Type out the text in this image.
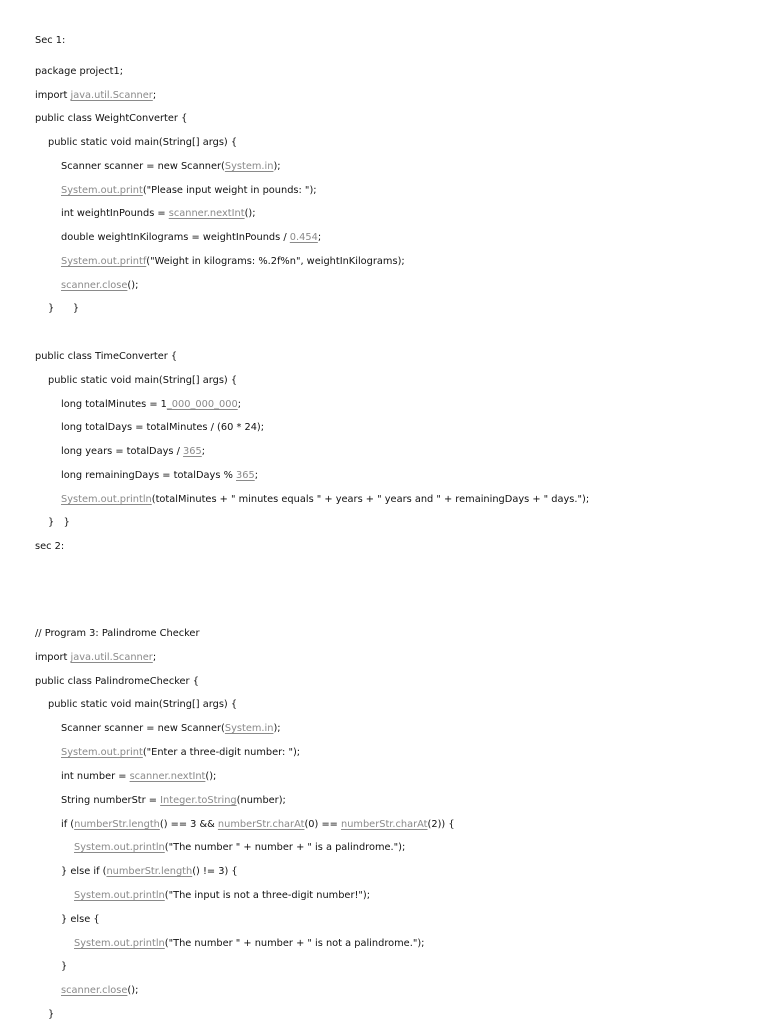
Sec 1:
package project1;
import java.util.Scanner;
public class WeightConverter {
public static void main(String[] args) {
Scanner scanner = new Scanner(System.in);
System.out.print("Please input weight in pounds: ");
int weightInPounds = scanner.nextInt();
double weightInKilograms = weightInPounds / 0.454;
System.out.printf("Weight in kilograms: %.2f%n", weightInKilograms);
scanner.close();
}      }
public class TimeConverter {
public static void main(String[] args) {
long totalMinutes = 1_000_000_000;
long totalDays = totalMinutes / (60 * 24);
long years = totalDays / 365;
long remainingDays = totalDays % 365;
System.out.println(totalMinutes + " minutes equals " + years + " years and " + remainingDays + " days.");
}   }
sec 2:
// Program 3: Palindrome Checker
import java.util.Scanner;
public class PalindromeChecker {
public static void main(String[] args) {
Scanner scanner = new Scanner(System.in);
System.out.print("Enter a three-digit number: ");
int number = scanner.nextInt();
String numberStr = Integer.toString(number);
if (numberStr.length() == 3 && numberStr.charAt(0) == numberStr.charAt(2)) {
System.out.println("The number " + number + " is a palindrome.");
} else if (numberStr.length() != 3) {
System.out.println("The input is not a three-digit number!");
} else {
System.out.println("The number " + number + " is not a palindrome.");
}
scanner.close();
}
